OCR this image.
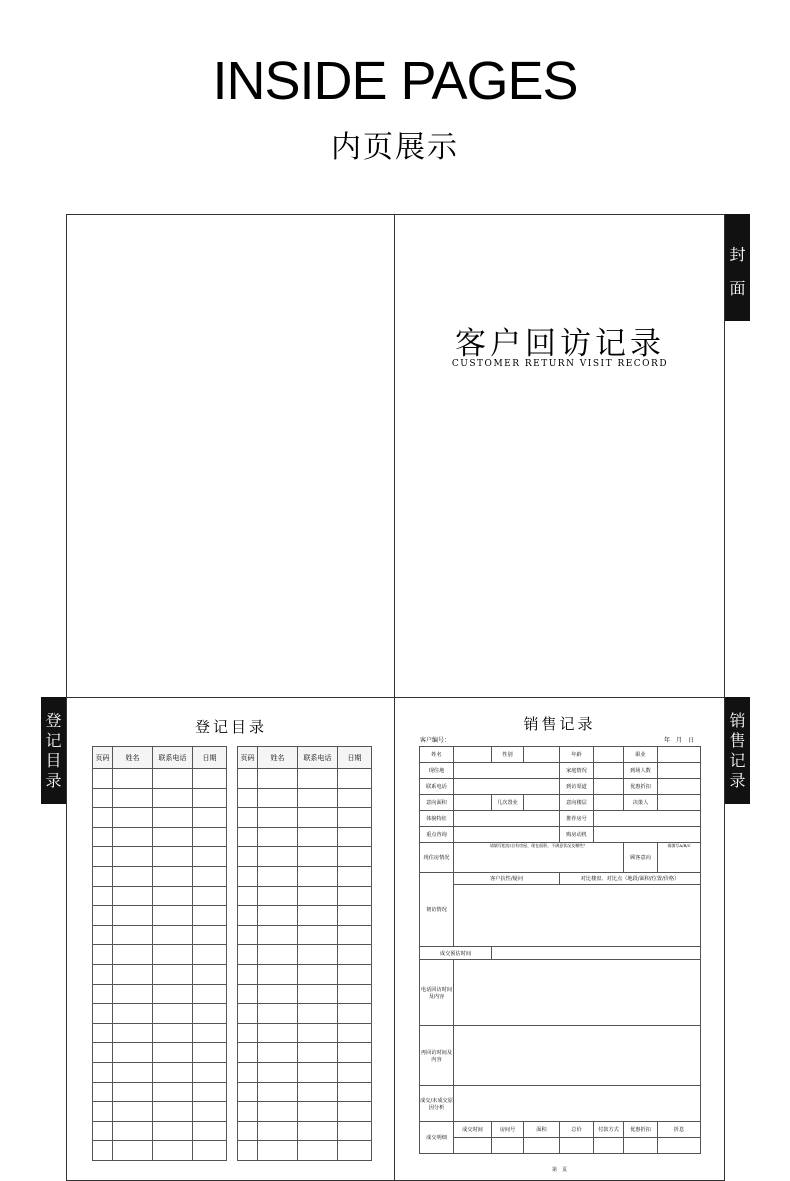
INSIDE PAGES
内页展示
封
面
登
记
目
录
销
售
记
录
客户回访记录
CUSTOMER RETURN VISIT RECORD
登记目录
页码	姓名	联系电话	日期

				页码	姓名	联系电话	日期

销售记录
客户编号：	年　月　日
姓名		性别		年龄		职业	
现住地				家庭情况		到场人数	
联系电话				到访渠道		优惠折扣	
意向面积		几次置业		意向楼层		决策人	
体貌特征				推荐房号			
重点咨询				购房动机			
现住房情况	请填写租房/自有房屋、现在面积、不满意状况及哪些？					顾客意向	请填写A/B/C
韧访情况	客户抗性/疑问			对比楼盘、对比点（地段/面积/位置/价格）			

成交预估时间							
电话回访时间及内容							
再回访时间及内容							
成交/未成交原因分析							
成交明细	成交时间	房间号	面积	总价	付款方式	优惠折扣	折息

第　页
